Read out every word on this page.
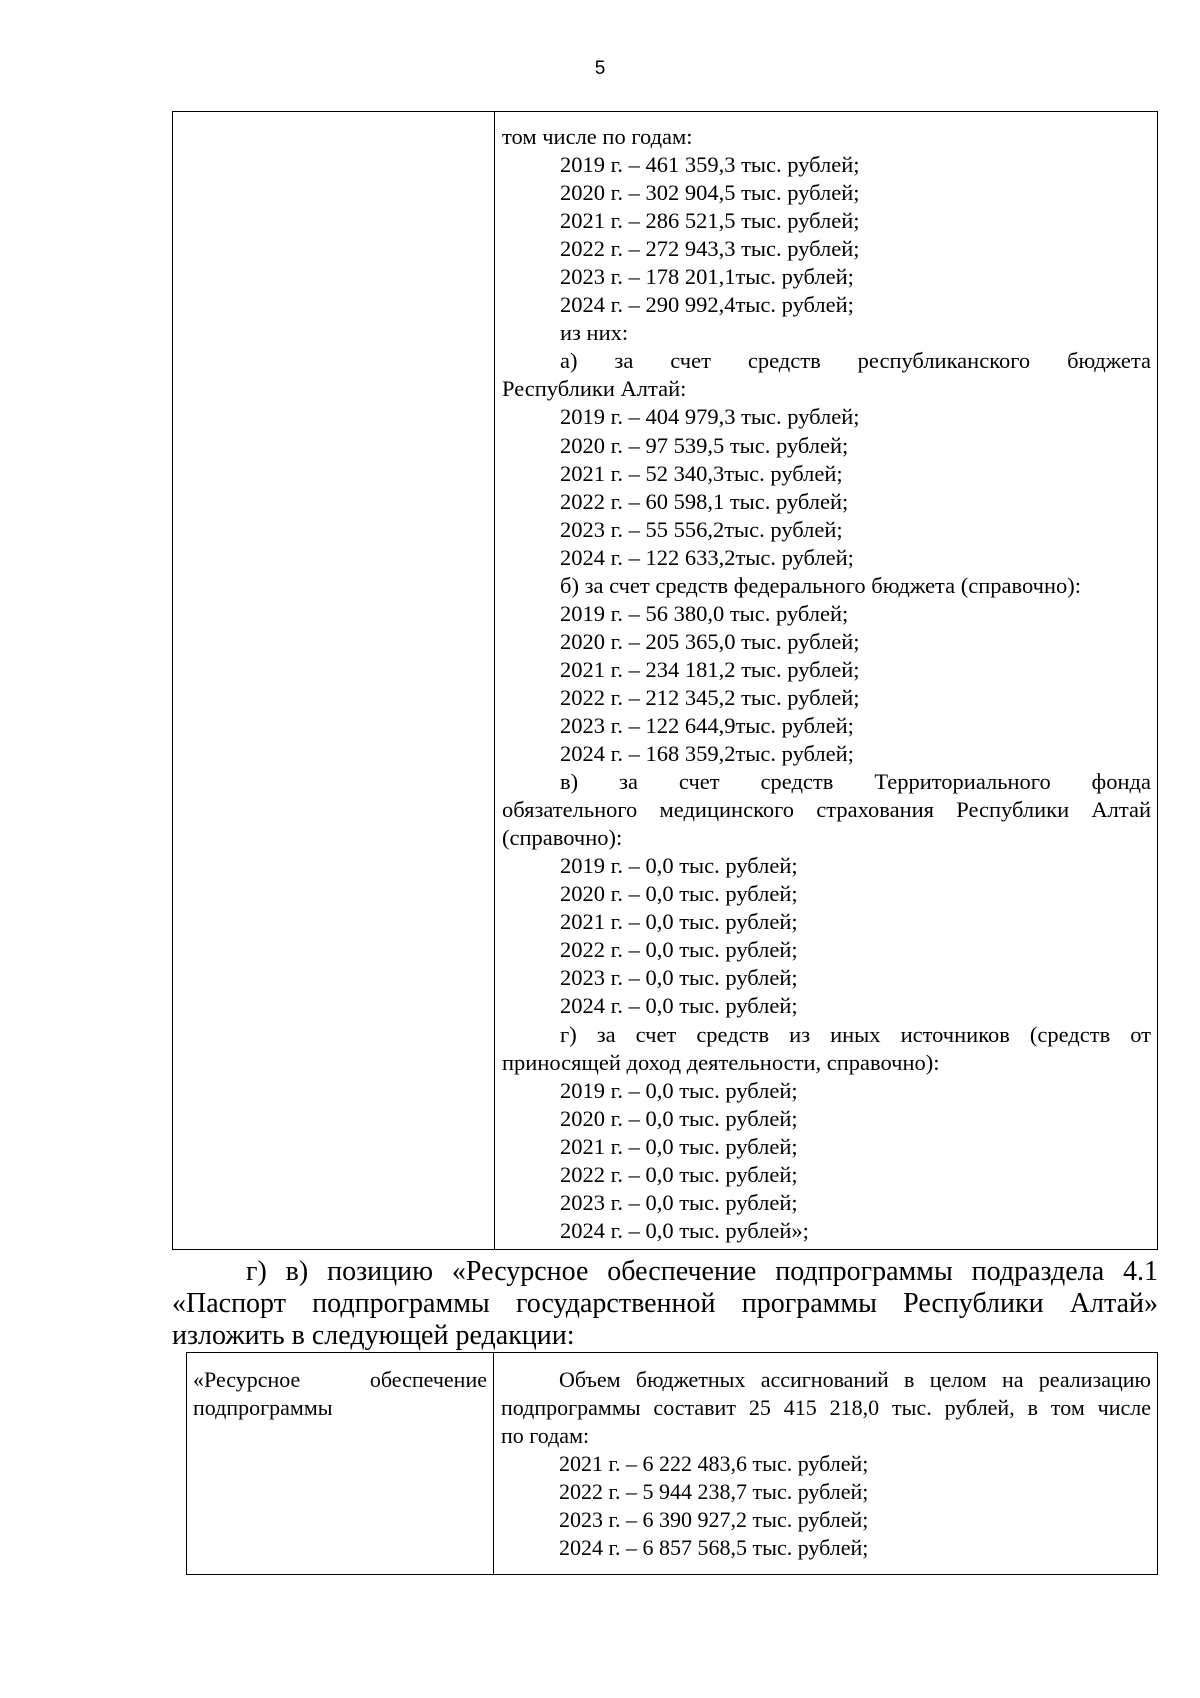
5
том числе по годам:
2019 г. – 461 359,3 тыс. рублей;
2020 г. – 302 904,5 тыс. рублей;
2021 г. – 286 521,5 тыс. рублей;
2022 г. – 272 943,3 тыс. рублей;
2023 г. – 178 201,1тыс. рублей;
2024 г. – 290 992,4тыс. рублей;
из них:
а) за счет средств республиканского бюджета
Республики Алтай:
2019 г. – 404 979,3 тыс. рублей;
2020 г. – 97 539,5 тыс. рублей;
2021 г. – 52 340,3тыс. рублей;
2022 г. – 60 598,1 тыс. рублей;
2023 г. – 55 556,2тыс. рублей;
2024 г. – 122 633,2тыс. рублей;
б) за счет средств федерального бюджета (справочно):
2019 г. – 56 380,0 тыс. рублей;
2020 г. – 205 365,0 тыс. рублей;
2021 г. – 234 181,2 тыс. рублей;
2022 г. – 212 345,2 тыс. рублей;
2023 г. – 122 644,9тыс. рублей;
2024 г. – 168 359,2тыс. рублей;
в) за счет средств Территориального фонда
обязательного медицинского страхования Республики Алтай
(справочно):
2019 г. – 0,0 тыс. рублей;
2020 г. – 0,0 тыс. рублей;
2021 г. – 0,0 тыс. рублей;
2022 г. – 0,0 тыс. рублей;
2023 г. – 0,0 тыс. рублей;
2024 г. – 0,0 тыс. рублей;
г) за счет средств из иных источников (средств от
приносящей доход деятельности, справочно):
2019 г. – 0,0 тыс. рублей;
2020 г. – 0,0 тыс. рублей;
2021 г. – 0,0 тыс. рублей;
2022 г. – 0,0 тыс. рублей;
2023 г. – 0,0 тыс. рублей;
2024 г. – 0,0 тыс. рублей»;
г) в) позицию «Ресурсное обеспечение подпрограммы подраздела 4.1
«Паспорт подпрограммы государственной программы Республики Алтай»
изложить в следующей редакции:
«Ресурсное обеспечение
подпрограммы
Объем бюджетных ассигнований в целом на реализацию
подпрограммы составит 25 415 218,0 тыс. рублей, в том числе
по годам:
2021 г. – 6 222 483,6 тыс. рублей;
2022 г. – 5 944 238,7 тыс. рублей;
2023 г. – 6 390 927,2 тыс. рублей;
2024 г. – 6 857 568,5 тыс. рублей;
